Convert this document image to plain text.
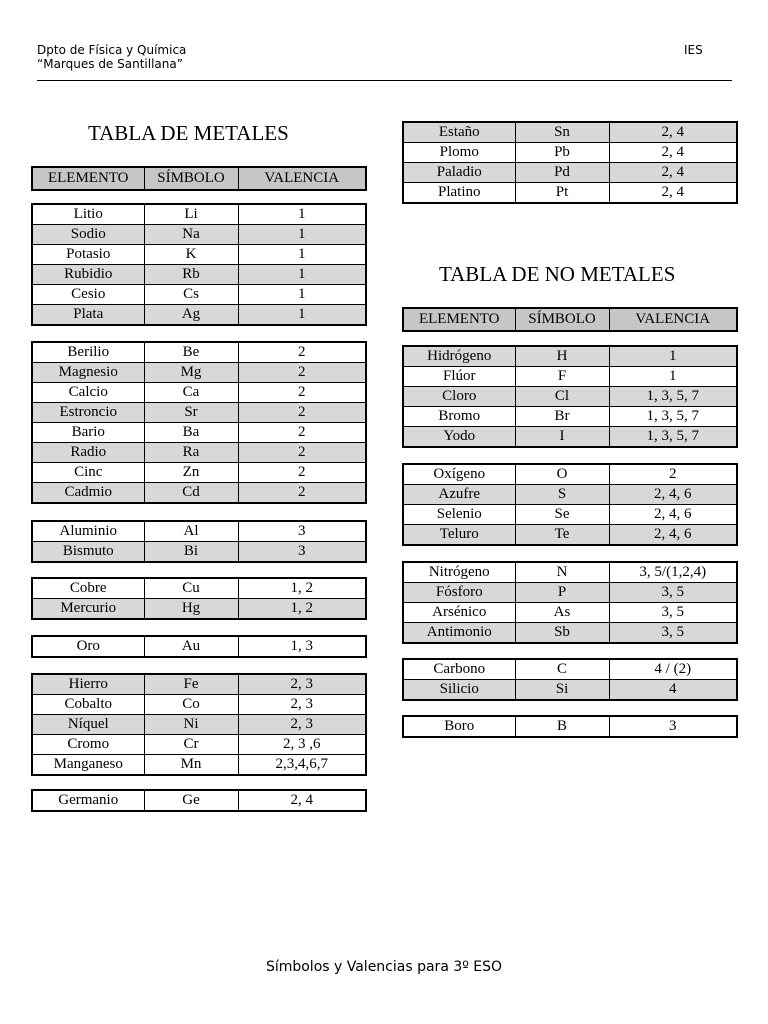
Dpto de Física y Química
“Marques de Santillana”
IES
TABLA DE METALES
TABLA DE NO METALES
ELEMENTO	SÍMBOLO	VALENCIA
Litio	Li	1
Sodio	Na	1
Potasio	K	1
Rubidio	Rb	1
Cesio	Cs	1
Plata	Ag	1
Berilio	Be	2
Magnesio	Mg	2
Calcio	Ca	2
Estroncio	Sr	2
Bario	Ba	2
Radio	Ra	2
Cinc	Zn	2
Cadmio	Cd	2
Aluminio	Al	3
Bismuto	Bi	3
Cobre	Cu	1, 2
Mercurio	Hg	1, 2
Oro	Au	1, 3
Hierro	Fe	2, 3
Cobalto	Co	2, 3
Níquel	Ni	2, 3
Cromo	Cr	2, 3 ,6
Manganeso	Mn	2,3,4,6,7
Germanio	Ge	2, 4
Estaño	Sn	2, 4
Plomo	Pb	2, 4
Paladio	Pd	2, 4
Platino	Pt	2, 4
ELEMENTO	SÍMBOLO	VALENCIA
Hidrógeno	H	1
Flúor	F	1
Cloro	Cl	1, 3, 5, 7
Bromo	Br	1, 3, 5, 7
Yodo	I	1, 3, 5, 7
Oxígeno	O	2
Azufre	S	2, 4, 6
Selenio	Se	2, 4, 6
Teluro	Te	2, 4, 6
Nitrógeno	N	3, 5/(1,2,4)
Fósforo	P	3, 5
Arsénico	As	3, 5
Antimonio	Sb	3, 5
Carbono	C	4 / (2)
Silicio	Si	4
Boro	B	3
Símbolos y Valencias para 3º ESO
